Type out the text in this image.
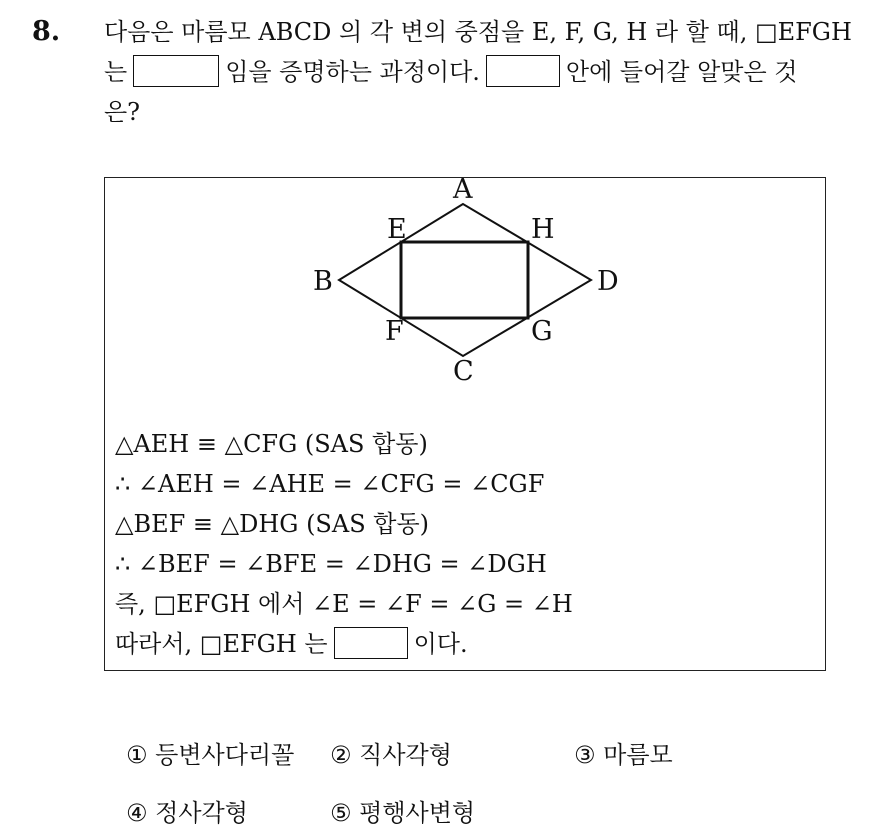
8. 다음은 마름모 ABCD 의 각 변의 중점을 E, F, G, H 라 할 때, □EFGH
는	임을 증명하는 과정이다.	안에 들어갈 알맞은 것
은?
A
B
C
D
E
F	G
H
△AEH ≡ △CFG (SAS 합동)
∴ ∠AEH = ∠AHE = ∠CFG = ∠CGF
△BEF ≡ △DHG (SAS 합동)
∴ ∠BEF = ∠BFE = ∠DHG = ∠DGH
즉, □EFGH 에서 ∠E = ∠F = ∠G = ∠H
따라서, □EFGH 는	이다.
① 등변사다리꼴 ② 직사각형	③ 마름모
④ 정사각형	⑤ 평행사변형
